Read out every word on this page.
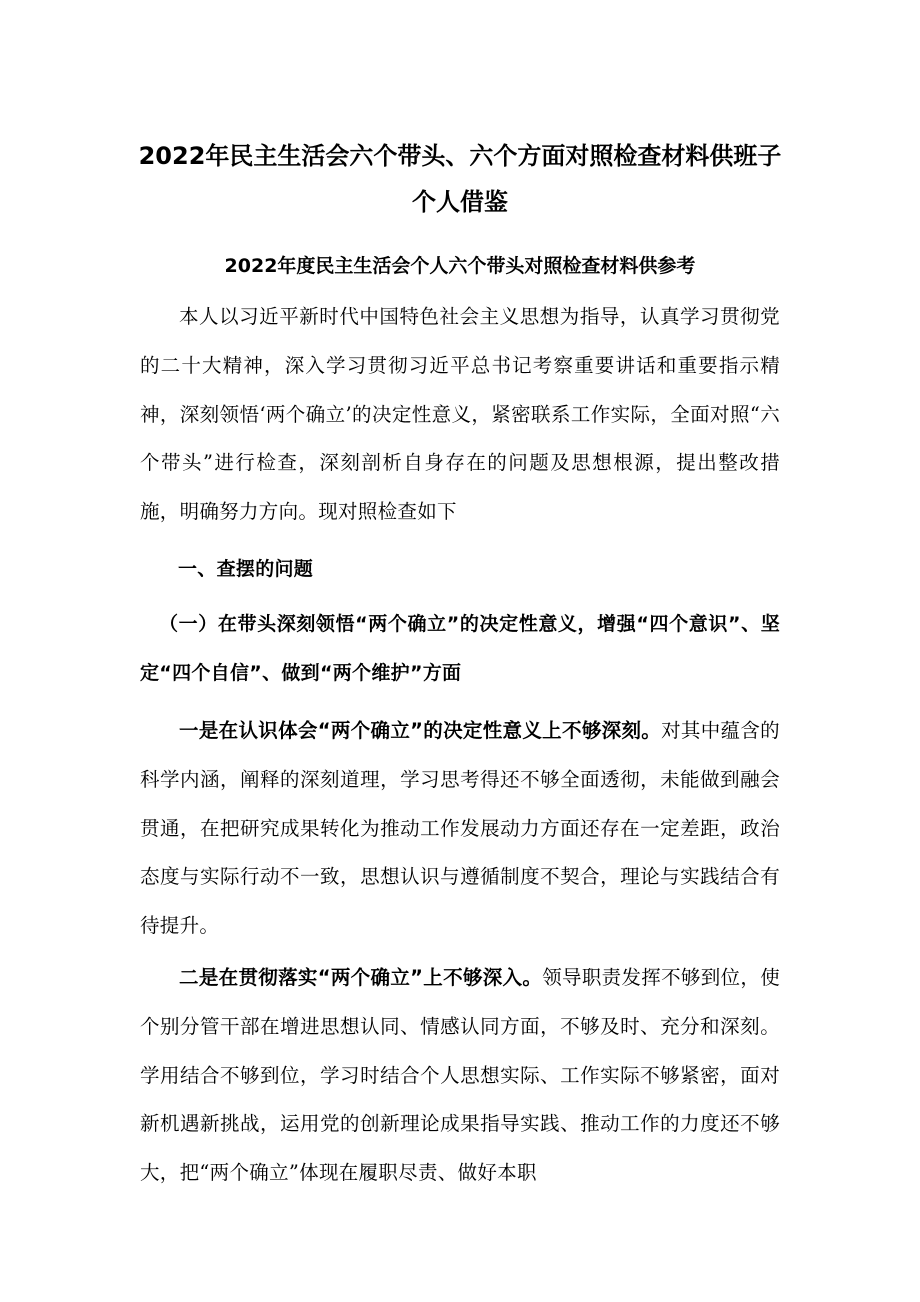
2022年民主生活会六个带头、六个方面对照检查材料供班子
个人借鉴
2022年度民主生活会个人六个带头对照检查材料供参考

本人以习近平新时代中国特色社会主义思想为指导，认真学习贯彻党的二十大精神，深入学习贯彻习近平总书记考察重要讲话和重要指示精神，深刻领悟‘两个确立’的决定性意义，紧密联系工作实际，全面对照“六个带头”进行检查，深刻剖析自身存在的问题及思想根源，提出整改措施，明确努力方向。现对照检查如下

一、查摆的问题

（一）在带头深刻领悟“两个确立”的决定性意义，增强“四个意识”、坚定“四个自信”、做到“两个维护”方面

一是在认识体会“两个确立”的决定性意义上不够深刻。对其中蕴含的科学内涵，阐释的深刻道理，学习思考得还不够全面透彻，未能做到融会贯通，在把研究成果转化为推动工作发展动力方面还存在一定差距，政治态度与实际行动不一致，思想认识与遵循制度不契合，理论与实践结合有待提升。

二是在贯彻落实“两个确立”上不够深入。领导职责发挥不够到位，使个别分管干部在增进思想认同、情感认同方面，不够及时、充分和深刻。学用结合不够到位，学习时结合个人思想实际、工作实际不够紧密，面对新机遇新挑战，运用党的创新理论成果指导实践、推动工作的力度还不够大，把“两个确立”体现在履职尽责、做好本职
